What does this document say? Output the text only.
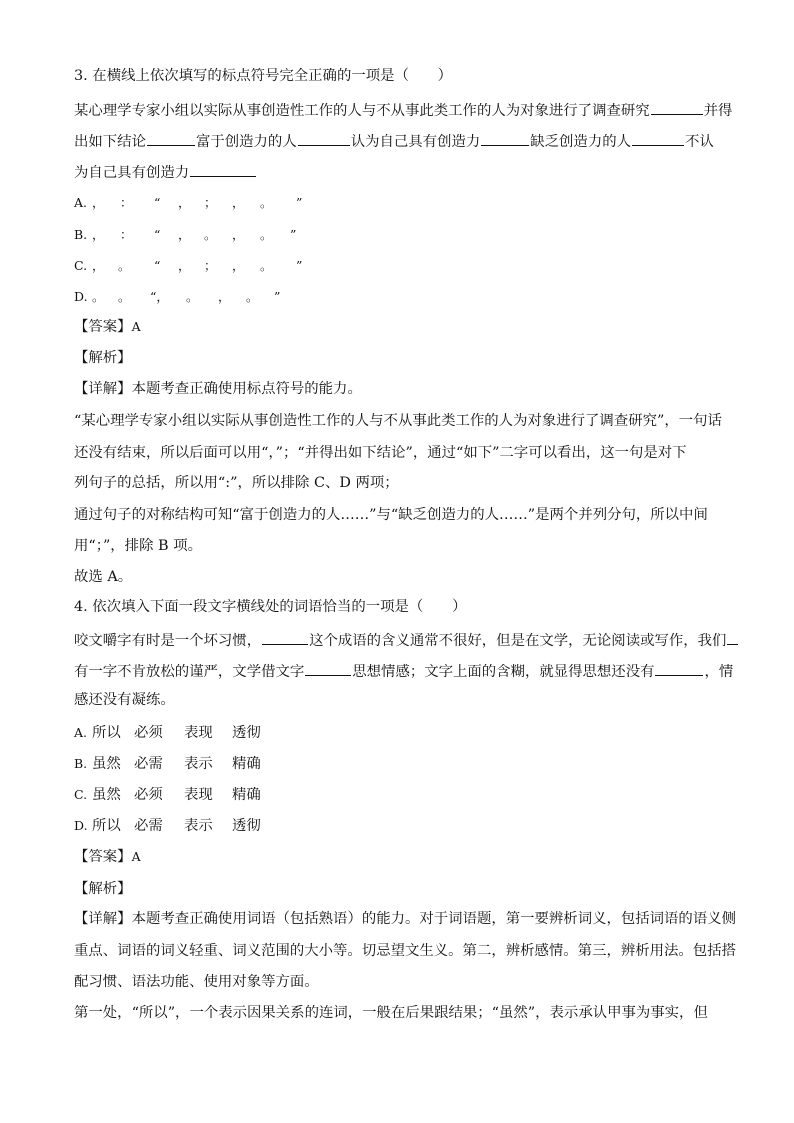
3. 在横线上依次填写的标点符号完全正确的一项是（　　）
某心理学专家小组以实际从事创造性工作的人与不从事此类工作的人为对象进行了调查研究	并得
出如下结论	富于创造力的人	认为自己具有创造力	缺乏创造力的人	不认
为自己具有创造力
A. ， ： “ ， ； ， 。 ”
B. ， ： “ ， 。 ， 。 ”
C. ， 。 “ ， ； ， 。 ”
D. 。 。 “， 。 ， 。 ”
【答案】A
【解析】
【详解】本题考查正确使用标点符号的能力。
“某心理学专家小组以实际从事创造性工作的人与不从事此类工作的人为对象进行了调查研究”，一句话
还没有结束，所以后面可以用“，”；“并得出如下结论”，通过“如下”二字可以看出，这一句是对下
列句子的总括，所以用“:”，所以排除 C、D 两项；
通过句子的对称结构可知“富于创造力的人……”与“缺乏创造力的人……”是两个并列分句，所以中间
用“；”，排除 B 项。
故选 A。
4. 依次填入下面一段文字横线处的词语恰当的一项是（　　）
咬文嚼字有时是一个坏习惯，	这个成语的含义通常不很好，但是在文学，无论阅读或写作，我们
有一字不肯放松的谨严，文学借文字	思想情感；文字上面的含糊，就显得思想还没有	，情
感还没有凝练。
A. 所以 必须 表现 透彻
B. 虽然 必需 表示 精确
C. 虽然 必须 表现 精确
D. 所以 必需 表示 透彻
【答案】A
【解析】
【详解】本题考查正确使用词语（包括熟语）的能力。对于词语题，第一要辨析词义，包括词语的语义侧
重点、词语的词义轻重、词义范围的大小等。切忌望文生义。第二，辨析感情。第三，辨析用法。包括搭
配习惯、语法功能、使用对象等方面。
第一处，“所以”，一个表示因果关系的连词，一般在后果跟结果；“虽然”，表示承认甲事为事实，但
